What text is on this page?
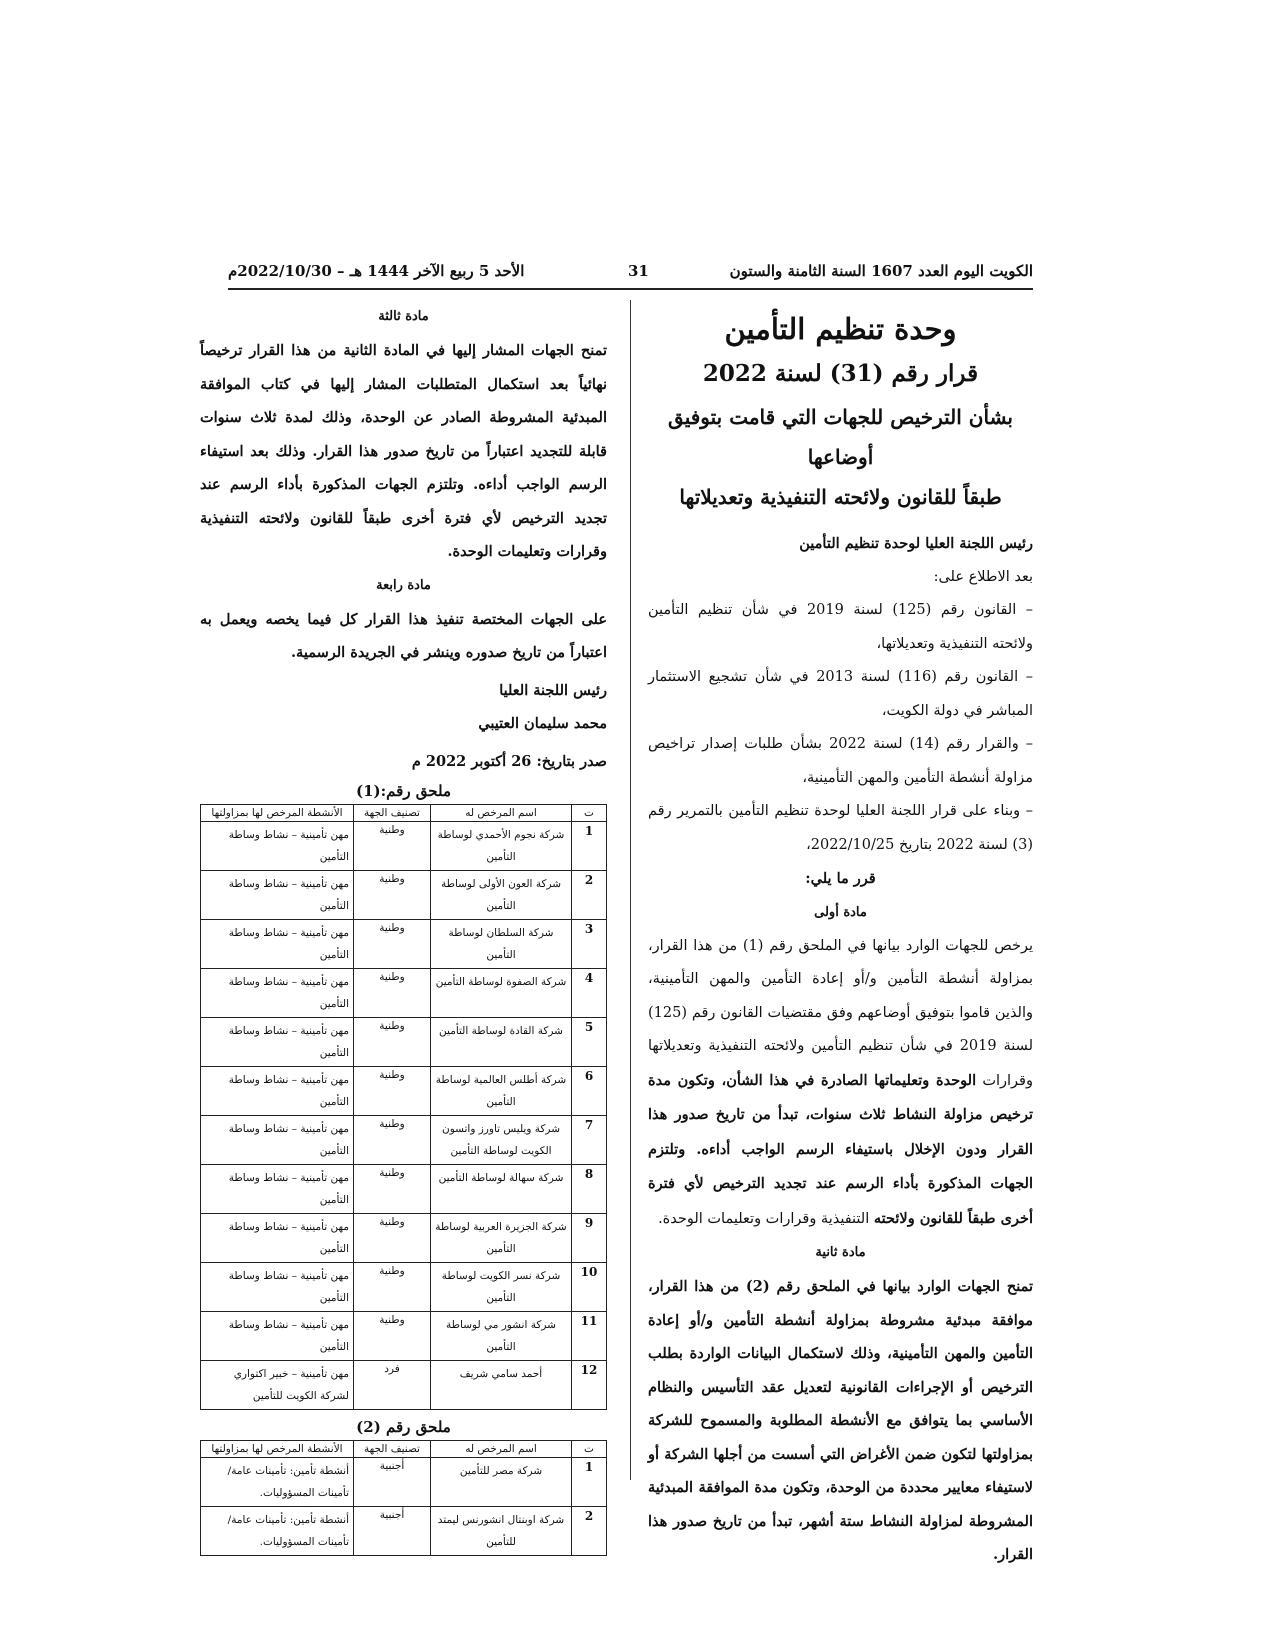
الكويت اليوم العدد 1607 السنة الثامنة والستون
31
الأحد 5 ربيع الآخر 1444 هـ – 2022/10/30م
وحدة تنظيم التأمين
قرار رقم (31) لسنة 2022
بشأن الترخيص للجهات التي قامت بتوفيق أوضاعها
طبقاً للقانون ولائحته التنفيذية وتعديلاتها

رئيس اللجنة العليا لوحدة تنظيم التأمين

بعد الاطلاع على:

– القانون رقم (125) لسنة 2019 في شأن تنظيم التأمين ولائحته التنفيذية وتعديلاتها،

– القانون رقم (116) لسنة 2013 في شأن تشجيع الاستثمار المباشر في دولة الكويت،

– والقرار رقم (14) لسنة 2022 بشأن طلبات إصدار تراخيص مزاولة أنشطة التأمين والمهن التأمينية،

– وبناء على قرار اللجنة العليا لوحدة تنظيم التأمين بالتمرير رقم (3) لسنة 2022 بتاريخ 2022/10/25،

قرر ما يلي:

مادة أولى

يرخص للجهات الوارد بيانها في الملحق رقم (1) من هذا القرار، بمزاولة أنشطة التأمين و/أو إعادة التأمين والمهن التأمينية، والذين قاموا بتوفيق أوضاعهم وفق مقتضيات القانون رقم (125) لسنة 2019 في شأن تنظيم التأمين ولائحته التنفيذية وتعديلاتها وقرارات الوحدة وتعليماتها الصادرة في هذا الشأن، وتكون مدة ترخيص مزاولة النشاط ثلاث سنوات، تبدأ من تاريخ صدور هذا القرار ودون الإخلال باستيفاء الرسم الواجب أداءه. وتلتزم الجهات المذكورة بأداء الرسم عند تجديد الترخيص لأي فترة أخرى طبقاً للقانون ولائحته التنفيذية وقرارات وتعليمات الوحدة.

مادة ثانية

تمنح الجهات الوارد بيانها في الملحق رقم (2) من هذا القرار، موافقة مبدئية مشروطة بمزاولة أنشطة التأمين و/أو إعادة التأمين والمهن التأمينية، وذلك لاستكمال البيانات الواردة بطلب الترخيص أو الإجراءات القانونية لتعديل عقد التأسيس والنظام الأساسي بما يتوافق مع الأنشطة المطلوبة والمسموح للشركة بمزاولتها لتكون ضمن الأغراض التي أسست من أجلها الشركة أو لاستيفاء معايير محددة من الوحدة، وتكون مدة الموافقة المبدئية المشروطة لمزاولة النشاط ستة أشهر، تبدأ من تاريخ صدور هذا القرار.

مادة ثالثة

تمنح الجهات المشار إليها في المادة الثانية من هذا القرار ترخيصاً نهائياً بعد استكمال المتطلبات المشار إليها في كتاب الموافقة المبدئية المشروطة الصادر عن الوحدة، وذلك لمدة ثلاث سنوات قابلة للتجديد اعتباراً من تاريخ صدور هذا القرار. وذلك بعد استيفاء الرسم الواجب أداءه. وتلتزم الجهات المذكورة بأداء الرسم عند تجديد الترخيص لأي فترة أخرى طبقاً للقانون ولائحته التنفيذية وقرارات وتعليمات الوحدة.

مادة رابعة

على الجهات المختصة تنفيذ هذا القرار كل فيما يخصه ويعمل به اعتباراً من تاريخ صدوره وينشر في الجريدة الرسمية.

رئيس اللجنة العليا

محمد سليمان العتيبي

صدر بتاريخ: 26 أكتوبر 2022 م

ملحق رقم:(1)
ت	اسم المرخص له	تصنيف الجهة	الأنشطة المرخص لها بمزاولتها
1	شركة نجوم الأحمدي لوساطة التأمين	وطنية	مهن تأمينية – نشاط وساطة التأمين
2	شركة العون الأولى لوساطة التأمين	وطنية	مهن تأمينية – نشاط وساطة التأمين
3	شركة السلطان لوساطة التأمين	وطنية	مهن تأمينية – نشاط وساطة التأمين
4	شركة الصفوة لوساطة التأمين	وطنية	مهن تأمينية – نشاط وساطة التأمين
5	شركة القادة لوساطة التأمين	وطنية	مهن تأمينية – نشاط وساطة التأمين
6	شركة أطلس العالمية لوساطة التأمين	وطنية	مهن تأمينية – نشاط وساطة التأمين
7	شركة ويليس تاورز واتسون الكويت لوساطة التأمين	وطنية	مهن تأمينية – نشاط وساطة التأمين
8	شركة سهالة لوساطة التأمين	وطنية	مهن تأمينية – نشاط وساطة التأمين
9	شركة الجزيرة العربية لوساطة التأمين	وطنية	مهن تأمينية – نشاط وساطة التأمين
10	شركة نسر الكويت لوساطة التأمين	وطنية	مهن تأمينية – نشاط وساطة التأمين
11	شركة انشور مي لوساطة التأمين	وطنية	مهن تأمينية – نشاط وساطة التأمين
12	أحمد سامي شريف	فرد	مهن تأمينية – خبير اكتواري لشركة الكويت للتأمين
ملحق رقم (2)
ت	اسم المرخص له	تصنيف الجهة	الأنشطة المرخص لها بمزاولتها
1	شركة مصر للتأمين	أجنبية	أنشطة تأمين: تأمينات عامة/تأمينات المسؤوليات.
2	شركة اوبنتال انشورنس ليمتد للتأمين	أجنبية	أنشطة تأمين: تأمينات عامة/تأمينات المسؤوليات.
